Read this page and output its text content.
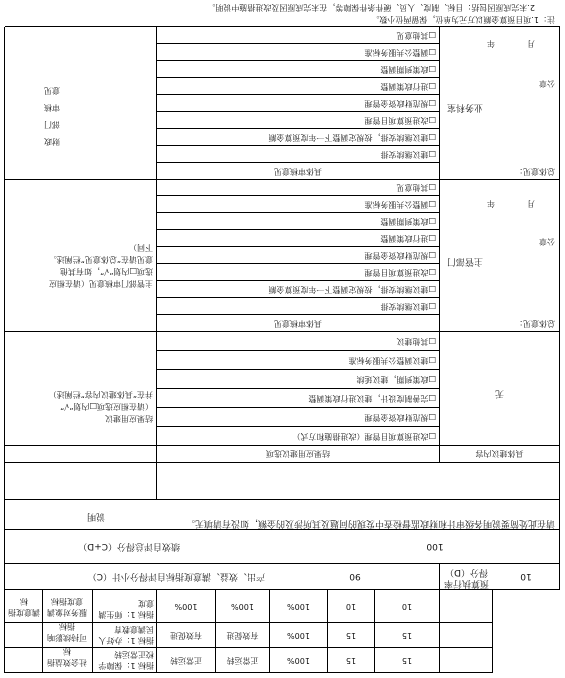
社会效益指标
指标 1：保障学校正常运转
正常运转	正常运转	100%	15	15
可持续影响指标
指标 1：办好人民满意教育
有效促进	有效促进	100%	15	15
满意度指标
服务对象满意度指标
指标 1：师生满意度	100%	100%	100%	10	10
产出、效益、满意度指标自评得分小计（C）	90
预算执行率得分（D）	10
绩效自评总得分（C+D）	100
说明
请在此处简要说明各级审计和财政监督检查中发现的问题及其所涉及的金额，如没有请填无。
结果应用建议
（请在相应选项□内划“√”
并在“具体建议内容”栏阐述）
结果应用建议选项	具体建议内容
无
□改进预算项目管理（改进措施和方式）
□规范财政资金管理
□完善制度设计，建议进行政策调整
□政策到期，建议延续
□建议调整公共服务标准
□其他建议
主管部门审核意见（请在相应
选项□内划“√”，如有其他
意见请在“总体意见”栏阐述。
下同）
具体审核意见	总体意见：
□建议继续安排
□建议继续安排，按规定调整下一年度预算金额
□改进预算项目管理
□规范财政资金管理
□进行政策调整
□政策到期调整
□调整公共服务标准
□其他意见
主管部门
公章
年	月
财政
部门
审核
意见
具体审核意见	总体意见：
□建议继续安排
□建议继续安排，按规定调整下一年度预算金额
□改进预算项目管理
□规范财政资金管理
□进行政策调整
□政策到期调整
□调整公共服务标准
□其他意见
业务科室
公章
年	月
注：1.项目预算金额以万元为单位，保留两位小数。
2.未完成原因包括：目标、制度、人员、硬件条件保障等，在未完成原因及改进措施中说明。
